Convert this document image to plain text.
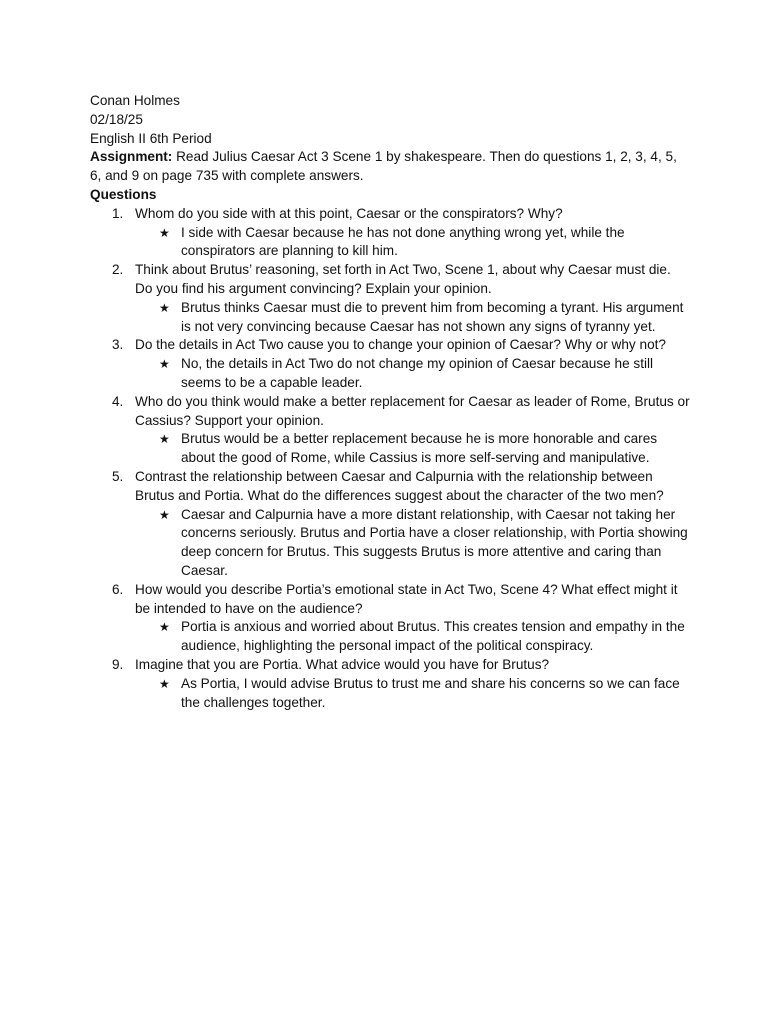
Conan Holmes
02/18/25
English II 6th Period
Assignment: Read Julius Caesar Act 3 Scene 1 by shakespeare. Then do questions 1, 2, 3, 4, 5, 6, and 9 on page 735 with complete answers.
Questions
1. Whom do you side with at this point, Caesar or the conspirators? Why?
★ I side with Caesar because he has not done anything wrong yet, while the conspirators are planning to kill him.
2. Think about Brutus’ reasoning, set forth in Act Two, Scene 1, about why Caesar must die. Do you find his argument convincing? Explain your opinion.
★ Brutus thinks Caesar must die to prevent him from becoming a tyrant. His argument is not very convincing because Caesar has not shown any signs of tyranny yet.
3. Do the details in Act Two cause you to change your opinion of Caesar? Why or why not?
★ No, the details in Act Two do not change my opinion of Caesar because he still seems to be a capable leader.
4. Who do you think would make a better replacement for Caesar as leader of Rome, Brutus or Cassius? Support your opinion.
★ Brutus would be a better replacement because he is more honorable and cares about the good of Rome, while Cassius is more self-serving and manipulative.
5. Contrast the relationship between Caesar and Calpurnia with the relationship between Brutus and Portia. What do the differences suggest about the character of the two men?
★ Caesar and Calpurnia have a more distant relationship, with Caesar not taking her concerns seriously. Brutus and Portia have a closer relationship, with Portia showing deep concern for Brutus. This suggests Brutus is more attentive and caring than Caesar.
6. How would you describe Portia’s emotional state in Act Two, Scene 4? What effect might it be intended to have on the audience?
★ Portia is anxious and worried about Brutus. This creates tension and empathy in the audience, highlighting the personal impact of the political conspiracy.
9. Imagine that you are Portia. What advice would you have for Brutus?
★ As Portia, I would advise Brutus to trust me and share his concerns so we can face the challenges together.
